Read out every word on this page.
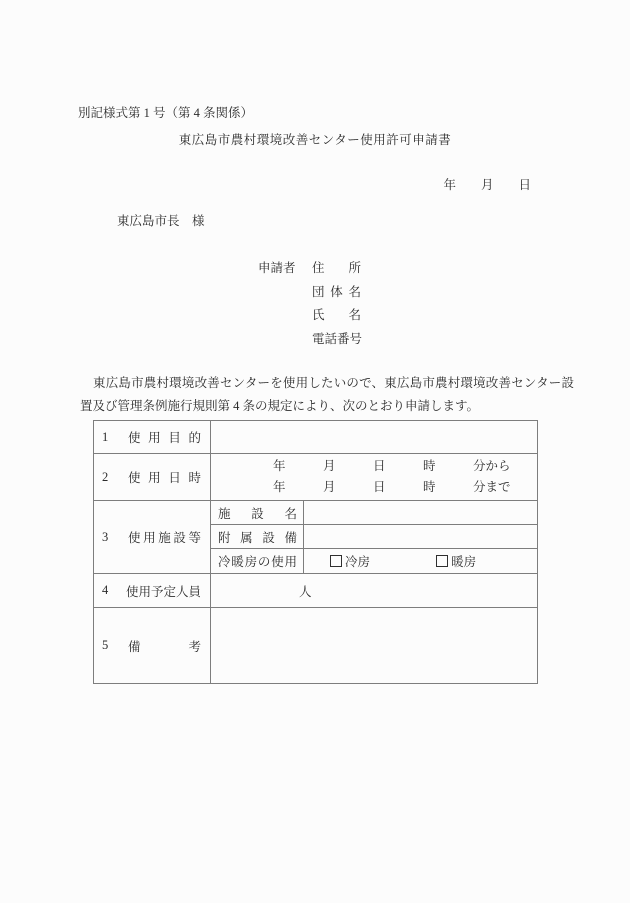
別記様式第 1 号（第 4 条関係）
東広島市農村環境改善センター使用許可申請書
年　　月　　日
東広島市長　様
申請者	住所
団体名
氏名
電話番号
東広島市農村環境改善センターを使用したいので、東広島市農村環境改善センター設
置及び管理条例施行規則第 4 条の規定により、次のとおり申請します。
1 使用目的		

2	使用日時

年　　　月　　　日　　　時　　　分から
年　　　月　　　日　　　時　　　分まで

3 使用施設等	施設名	
	附属設備	
	冷暖房の使用	冷房 暖房

4 使用予定人員	人	

5 備考		
